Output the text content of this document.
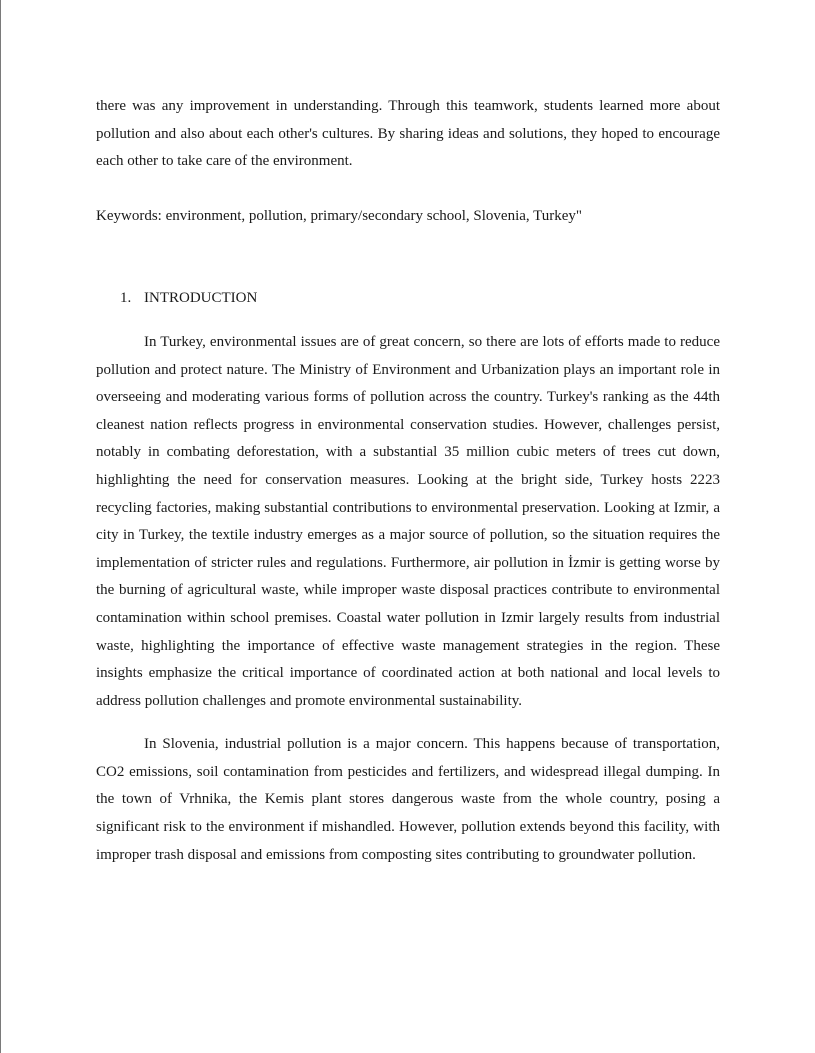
there was any improvement in understanding. Through this teamwork, students learned more about pollution and also about each other's cultures. By sharing ideas and solutions, they hoped to encourage each other to take care of the environment.

Keywords: environment, pollution, primary/secondary school, Slovenia, Turkey"

1. INTRODUCTION

In Turkey, environmental issues are of great concern, so there are lots of efforts made to reduce pollution and protect nature. The Ministry of Environment and Urbanization plays an important role in overseeing and moderating various forms of pollution across the country. Turkey's ranking as the 44th cleanest nation reflects progress in environmental conservation studies. However, challenges persist, notably in combating deforestation, with a substantial 35 million cubic meters of trees cut down, highlighting the need for conservation measures. Looking at the bright side, Turkey hosts 2223 recycling factories, making substantial contributions to environmental preservation. Looking at Izmir, a city in Turkey, the textile industry emerges as a major source of pollution, so the situation requires the implementation of stricter rules and regulations. Furthermore, air pollution in İzmir is getting worse by the burning of agricultural waste, while improper waste disposal practices contribute to environmental contamination within school premises. Coastal water pollution in Izmir largely results from industrial waste, highlighting the importance of effective waste management strategies in the region. These insights emphasize the critical importance of coordinated action at both national and local levels to address pollution challenges and promote environmental sustainability.

In Slovenia, industrial pollution is a major concern. This happens because of transportation, CO2 emissions, soil contamination from pesticides and fertilizers, and widespread illegal dumping. In the town of Vrhnika, the Kemis plant stores dangerous waste from the whole country, posing a significant risk to the environment if mishandled. However, pollution extends beyond this facility, with improper trash disposal and emissions from composting sites contributing to groundwater pollution.
